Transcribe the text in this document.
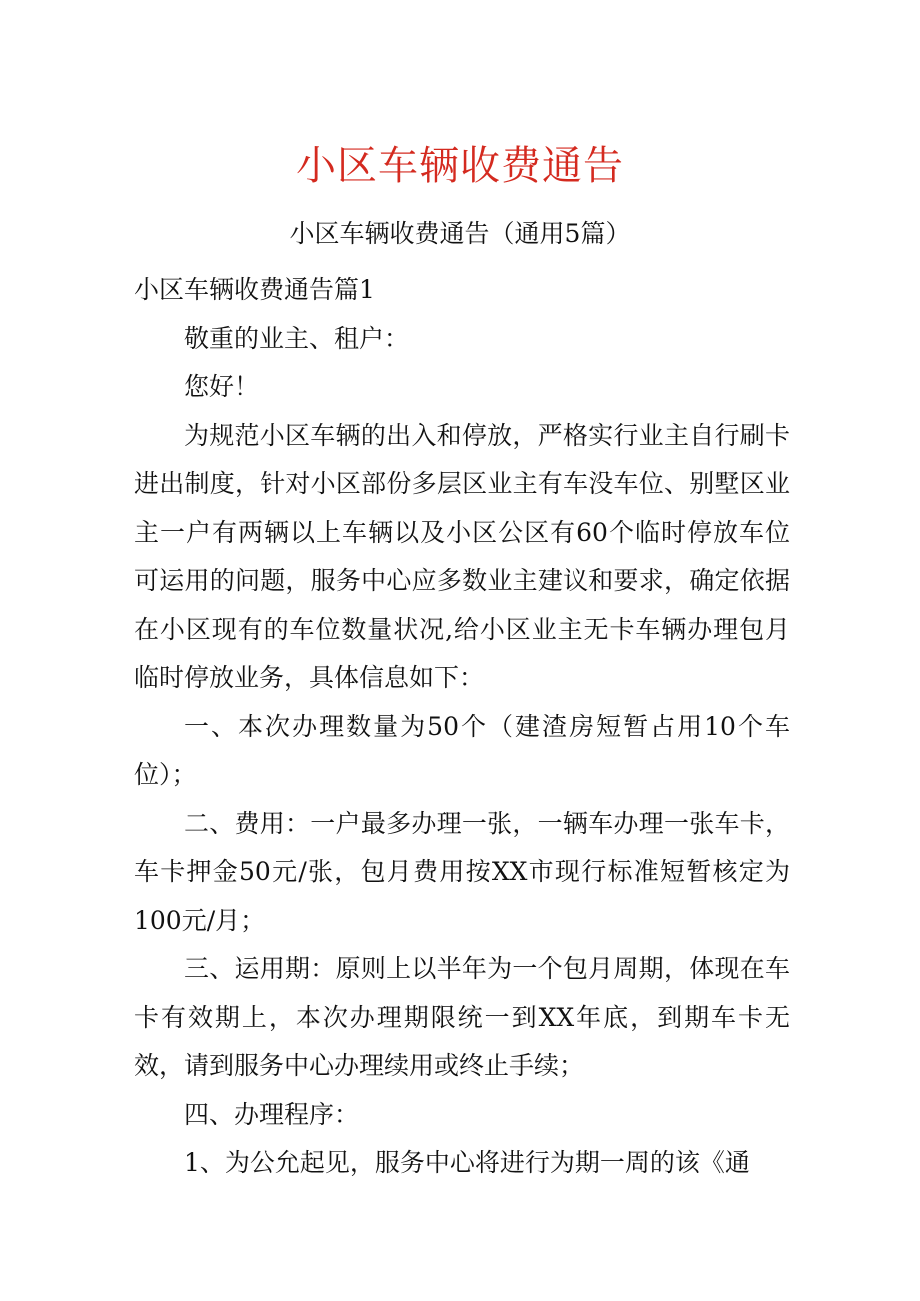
小区车辆收费通告
小区车辆收费通告（通用5篇）

小区车辆收费通告篇1

敬重的业主、租户：

您好！

为规范小区车辆的出入和停放，严格实行业主自行刷卡进出制度，针对小区部份多层区业主有车没车位、别墅区业主一户有两辆以上车辆以及小区公区有60个临时停放车位可运用的问题，服务中心应多数业主建议和要求，确定依据在小区现有的车位数量状况,给小区业主无卡车辆办理包月临时停放业务，具体信息如下：

一、本次办理数量为50个（建渣房短暂占用10个车位）；

二、费用：一户最多办理一张，一辆车办理一张车卡，车卡押金50元/张，包月费用按XX市现行标准短暂核定为100元/月；

三、运用期：原则上以半年为一个包月周期，体现在车卡有效期上，本次办理期限统一到XX年底，到期车卡无效，请到服务中心办理续用或终止手续；

四、办理程序：

1、为公允起见，服务中心将进行为期一周的该《通
